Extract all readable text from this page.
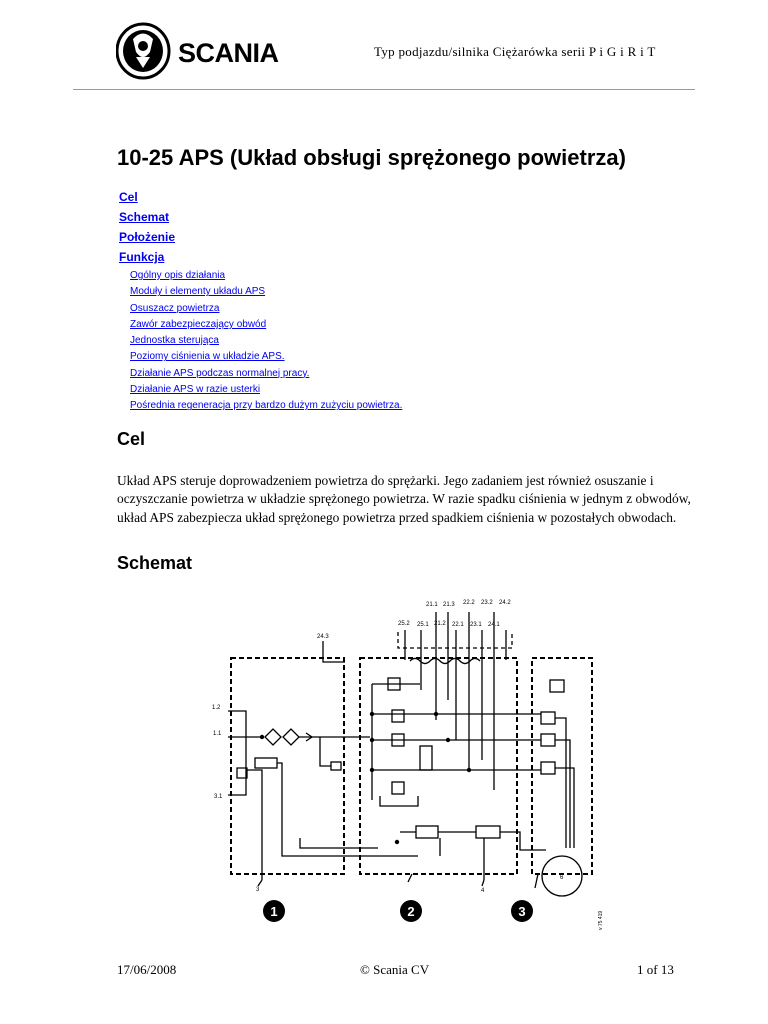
SCANIA	Typ podjazdu/silnika Ciężarówka serii P i G i R i T
10-25 APS (Układ obsługi sprężonego powietrza)
Cel
Schemat
Położenie
Funkcja
Ogólny opis działania
Moduły i elementy układu APS
Osuszacz powietrza
Zawór zabezpieczający obwód
Jednostka sterująca
Poziomy ciśnienia w układzie APS.
Działanie APS podczas normalnej pracy.
Działanie APS w razie usterki
Pośrednia regeneracja przy bardzo dużym zużyciu powietrza.
Cel

Układ APS steruje doprowadzeniem powietrza do sprężarki. Jego zadaniem jest również osuszanie i oczyszczanie powietrza w układzie sprężonego powietrza. W razie spadku ciśnienia w jednym z obwodów, układ APS zabezpiecza układ sprężonego powietrza przed spadkiem ciśnienia w pozostałych obwodach.

Schemat
21.1 21.3 22.2 23.2 24.2
25.2 25.1 21.2 22.1 23.1 24.1
24.3
1.2
1.1
3.1
3	4
6
v 75 419
1	2	3
17/06/2008	© Scania CV	1 of 13
